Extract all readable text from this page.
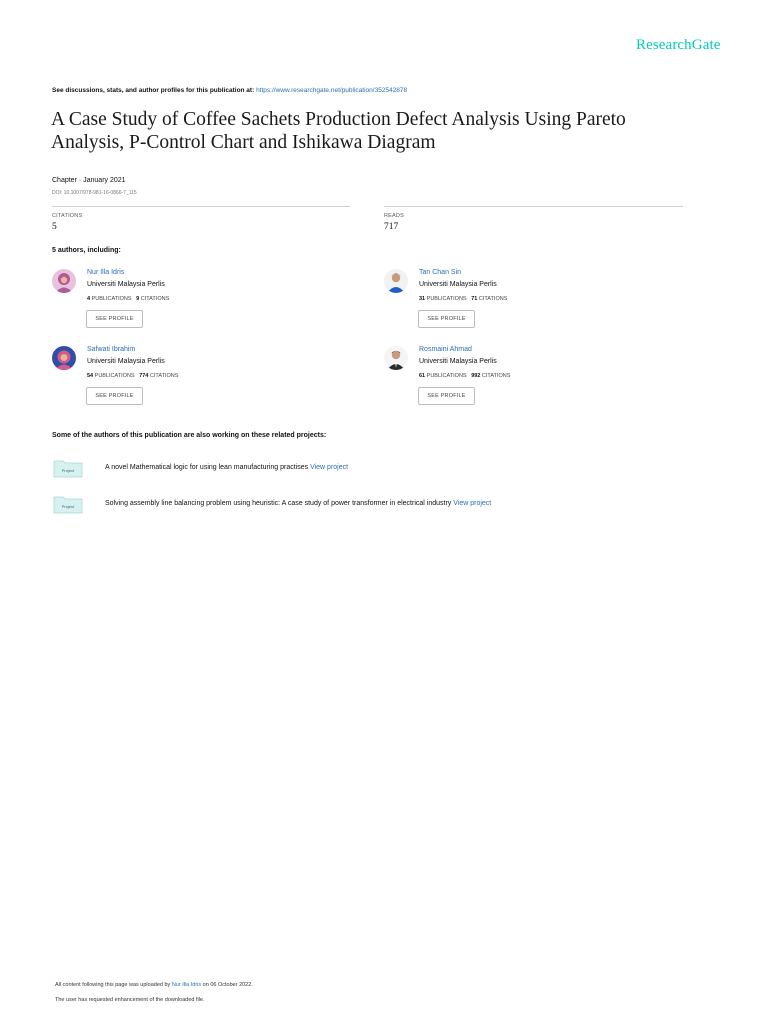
ResearchGate
See discussions, stats, and author profiles for this publication at: https://www.researchgate.net/publication/352542878
A Case Study of Coffee Sachets Production Defect Analysis Using Pareto Analysis, P-Control Chart and Ishikawa Diagram
Chapter · January 2021
DOI: 10.1007/978-981-16-0866-7_115
CITATIONS
5
READS
717
5 authors, including:
Nur Illa Idris
Universiti Malaysia Perlis
4 PUBLICATIONS 9 CITATIONS
SEE PROFILE
Tan Chan Sin
Universiti Malaysia Perlis
31 PUBLICATIONS 71 CITATIONS
SEE PROFILE
Safwati Ibrahim
Universiti Malaysia Perlis
54 PUBLICATIONS 774 CITATIONS
SEE PROFILE
Rosmaini Ahmad
Universiti Malaysia Perlis
61 PUBLICATIONS 992 CITATIONS
SEE PROFILE
Some of the authors of this publication are also working on these related projects:
Project	A novel Mathematical logic for using lean manufacturing practises View project
Project	Solving assembly line balancing problem using heuristic: A case study of power transformer in electrical industry View project
All content following this page was uploaded by Nur Illa Idris on 06 October 2022.
The user has requested enhancement of the downloaded file.
